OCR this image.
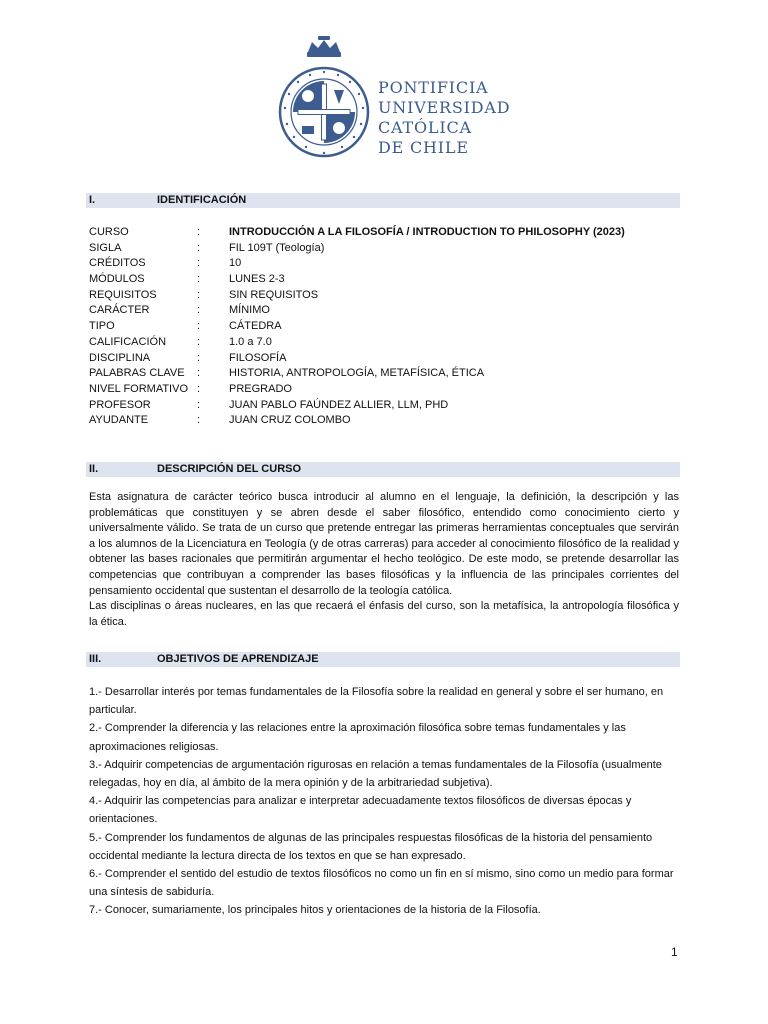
PONTIFICIA
UNIVERSIDAD
CATÓLICA
DE CHILE
I.	IDENTIFICACIÓN
CURSO	:	INTRODUCCIÓN A LA FILOSOFÍA / INTRODUCTION TO PHILOSOPHY (2023)
SIGLA	:	FIL 109T (Teología)
CRÉDITOS	:	10
MÓDULOS	:	LUNES 2-3
REQUISITOS	:	SIN REQUISITOS
CARÁCTER	:	MÍNIMO
TIPO	:	CÁTEDRA
CALIFICACIÓN	:	1.0 a 7.0
DISCIPLINA	:	FILOSOFÍA
PALABRAS CLAVE :	HISTORIA, ANTROPOLOGÍA, METAFÍSICA, ÉTICA
NIVEL FORMATIVO :	PREGRADO
PROFESOR	:	JUAN PABLO FAÚNDEZ ALLIER, LLM, PHD
AYUDANTE	:	JUAN CRUZ COLOMBO
II.	DESCRIPCIÓN DEL CURSO

Esta asignatura de carácter teórico busca introducir al alumno en el lenguaje, la definición, la descripción y las problemáticas que constituyen y se abren desde el saber filosófico, entendido como conocimiento cierto y universalmente válido. Se trata de un curso que pretende entregar las primeras herramientas conceptuales que servirán a los alumnos de la Licenciatura en Teología (y de otras carreras) para acceder al conocimiento filosófico de la realidad y obtener las bases racionales que permitirán argumentar el hecho teológico. De este modo, se pretende desarrollar las competencias que contribuyan a comprender las bases filosóficas y la influencia de las principales corrientes del pensamiento occidental que sustentan el desarrollo de la teología católica.

Las disciplinas o áreas nucleares, en las que recaerá el énfasis del curso, son la metafísica, la antropología filosófica y la ética.

III.	OBJETIVOS DE APRENDIZAJE

1.- Desarrollar interés por temas fundamentales de la Filosofía sobre la realidad en general y sobre el ser humano, en particular.

2.- Comprender la diferencia y las relaciones entre la aproximación filosófica sobre temas fundamentales y las aproximaciones religiosas.

3.- Adquirir competencias de argumentación rigurosas en relación a temas fundamentales de la Filosofía (usualmente relegadas, hoy en día, al ámbito de la mera opinión y de la arbitrariedad subjetiva).

4.- Adquirir las competencias para analizar e interpretar adecuadamente textos filosóficos de diversas épocas y orientaciones.

5.- Comprender los fundamentos de algunas de las principales respuestas filosóficas de la historia del pensamiento occidental mediante la lectura directa de los textos en que se han expresado.

6.- Comprender el sentido del estudio de textos filosóficos no como un fin en sí mismo, sino como un medio para formar una síntesis de sabiduría.

7.- Conocer, sumariamente, los principales hitos y orientaciones de la historia de la Filosofía.

1
